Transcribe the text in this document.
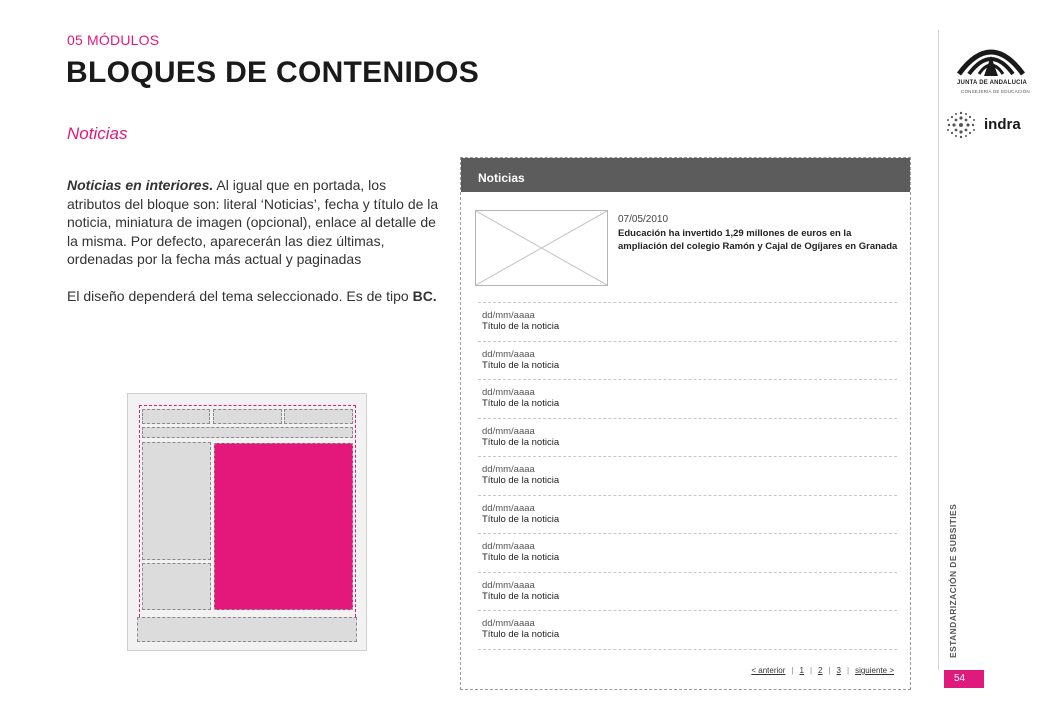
05 MÓDULOS
BLOQUES DE CONTENIDOS
Noticias

Noticias en interiores. Al igual que en portada, los atributos del bloque son: literal ‘Noticias’, fecha y título de la noticia, miniatura de imagen (opcional), enlace al detalle de la misma. Por defecto, aparecerán las diez últimas, ordenadas por la fecha más actual y paginadas

El diseño dependerá del tema seleccionado. Es de tipo BC.

Noticias
07/05/2010
Educación ha invertido 1,29 millones de euros en la ampliación del colegio Ramón y Cajal de Ogíjares en Granada
dd/mm/aaaa
Título de la noticia
dd/mm/aaaa
Título de la noticia
dd/mm/aaaa
Título de la noticia
dd/mm/aaaa
Título de la noticia
dd/mm/aaaa
Título de la noticia
dd/mm/aaaa
Título de la noticia
dd/mm/aaaa
Título de la noticia
dd/mm/aaaa
Título de la noticia
dd/mm/aaaa
Título de la noticia
< anterior | 1 | 2 | 3 | siguiente >
JUNTA DE ANDALUCIA
CONSEJERÍA DE EDUCACIÓN
indra
ESTANDARIZACIÓN DE SUBSITIES
54
